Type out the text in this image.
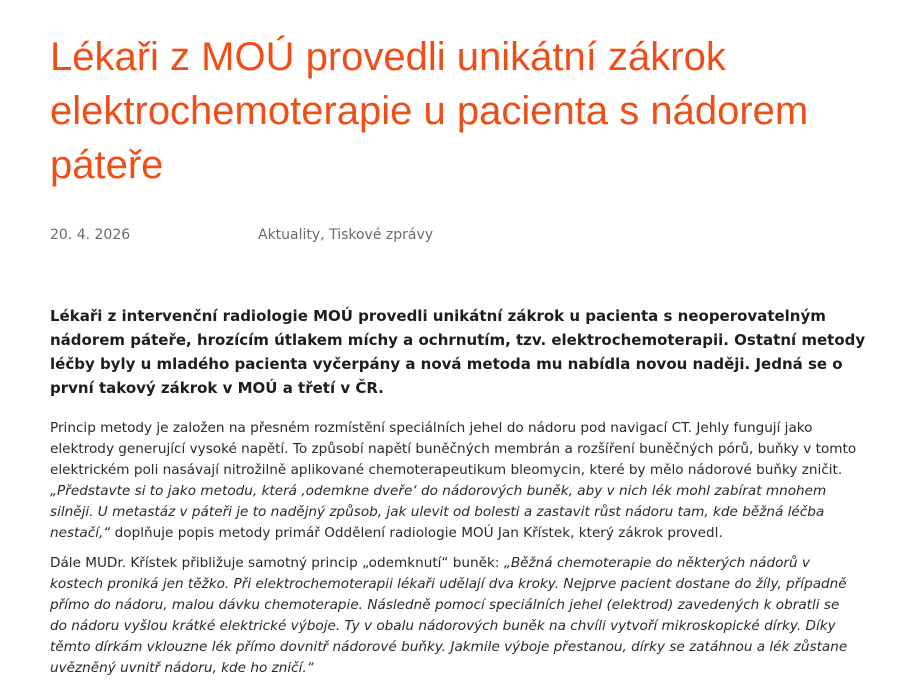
Lékaři z MOÚ provedli unikátní zákrok elektrochemoterapie u pacienta s nádorem páteře

20. 4. 2026	Aktuality, Tiskové zprávy

Lékaři z intervenční radiologie MOÚ provedli unikátní zákrok u pacienta s neoperovatelným nádorem páteře, hrozícím útlakem míchy a ochrnutím, tzv. elektrochemoterapii. Ostatní metody léčby byly u mladého pacienta vyčerpány a nová metoda mu nabídla novou naději. Jedná se o první takový zákrok v MOÚ a třetí v ČR.

Princip metody je založen na přesném rozmístění speciálních jehel do nádoru pod navigací CT. Jehly fungují jako elektrody generující vysoké napětí. To způsobí napětí buněčných membrán a rozšíření buněčných pórů, buňky v tomto elektrickém poli nasávají nitrožilně aplikované chemoterapeutikum bleomycin, které by mělo nádorové buňky zničit. „Představte si to jako metodu, která ‚odemkne dveře‘ do nádorových buněk, aby v nich lék mohl zabírat mnohem silněji. U metastáz v páteři je to nadějný způsob, jak ulevit od bolesti a zastavit růst nádoru tam, kde běžná léčba nestačí,“ doplňuje popis metody primář Oddělení radiologie MOÚ Jan Křístek, který zákrok provedl.

Dále MUDr. Křístek přibližuje samotný princip „odemknutí“ buněk: „Běžná chemoterapie do některých nádorů v kostech proniká jen těžko. Při elektrochemoterapii lékaři udělají dva kroky. Nejprve pacient dostane do žíly, případně přímo do nádoru, malou dávku chemoterapie. Následně pomocí speciálních jehel (elektrod) zavedených k obratli se do nádoru vyšlou krátké elektrické výboje. Ty v obalu nádorových buněk na chvíli vytvoří mikroskopické dírky. Díky těmto dírkám vklouzne lék přímo dovnitř nádorové buňky. Jakmile výboje přestanou, dírky se zatáhnou a lék zůstane uvězněný uvnitř nádoru, kde ho zničí.“
